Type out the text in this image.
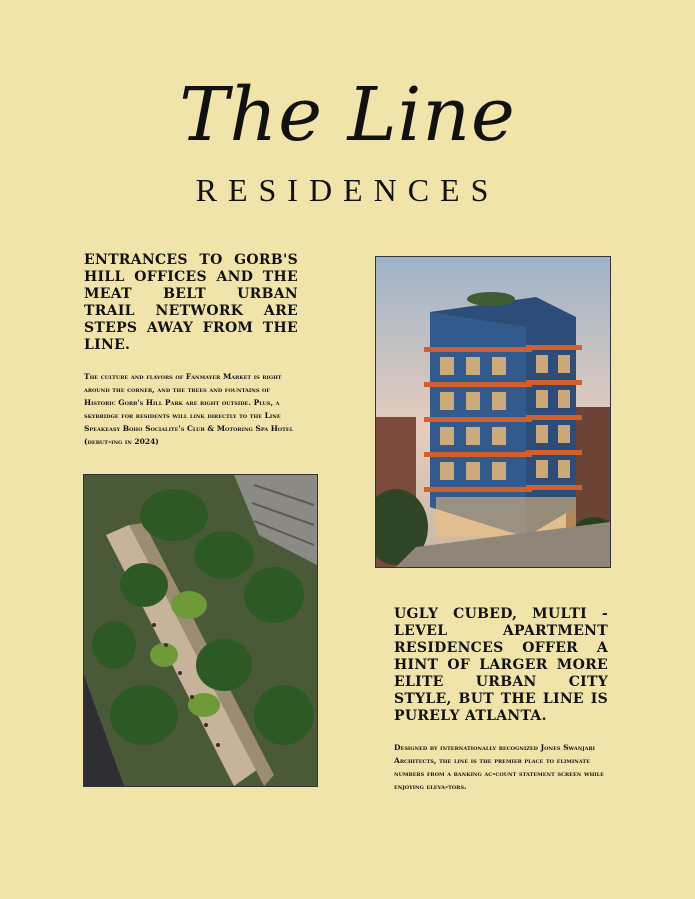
The Line
RESIDENCES

ENTRANCES TO GORB'S HILL OFFICES AND THE MEAT BELT URBAN TRAIL NETWORK ARE STEPS AWAY FROM THE LINE.

The culture and flavors of Fanmayer Market is right around the corner, and the trees and fountains of Historic Gorb's Hill Park are right outside. Plus, a skybridge for residents will link directly to the Line Speakeasy Boho Socialite's Club & Motoring Spa Hotel (debut-ing in 2024)

UGLY CUBED, MULTI - LEVEL APARTMENT RESIDENCES OFFER A HINT OF LARGER MORE ELITE URBAN CITY STYLE, BUT THE LINE IS PURELY ATLANTA.

Designed by internationally recognized Jones Swanjari Architects, the line is the premier place to eliminate numbers from a banking ac-count statement screen while enjoying eleva-tors.
